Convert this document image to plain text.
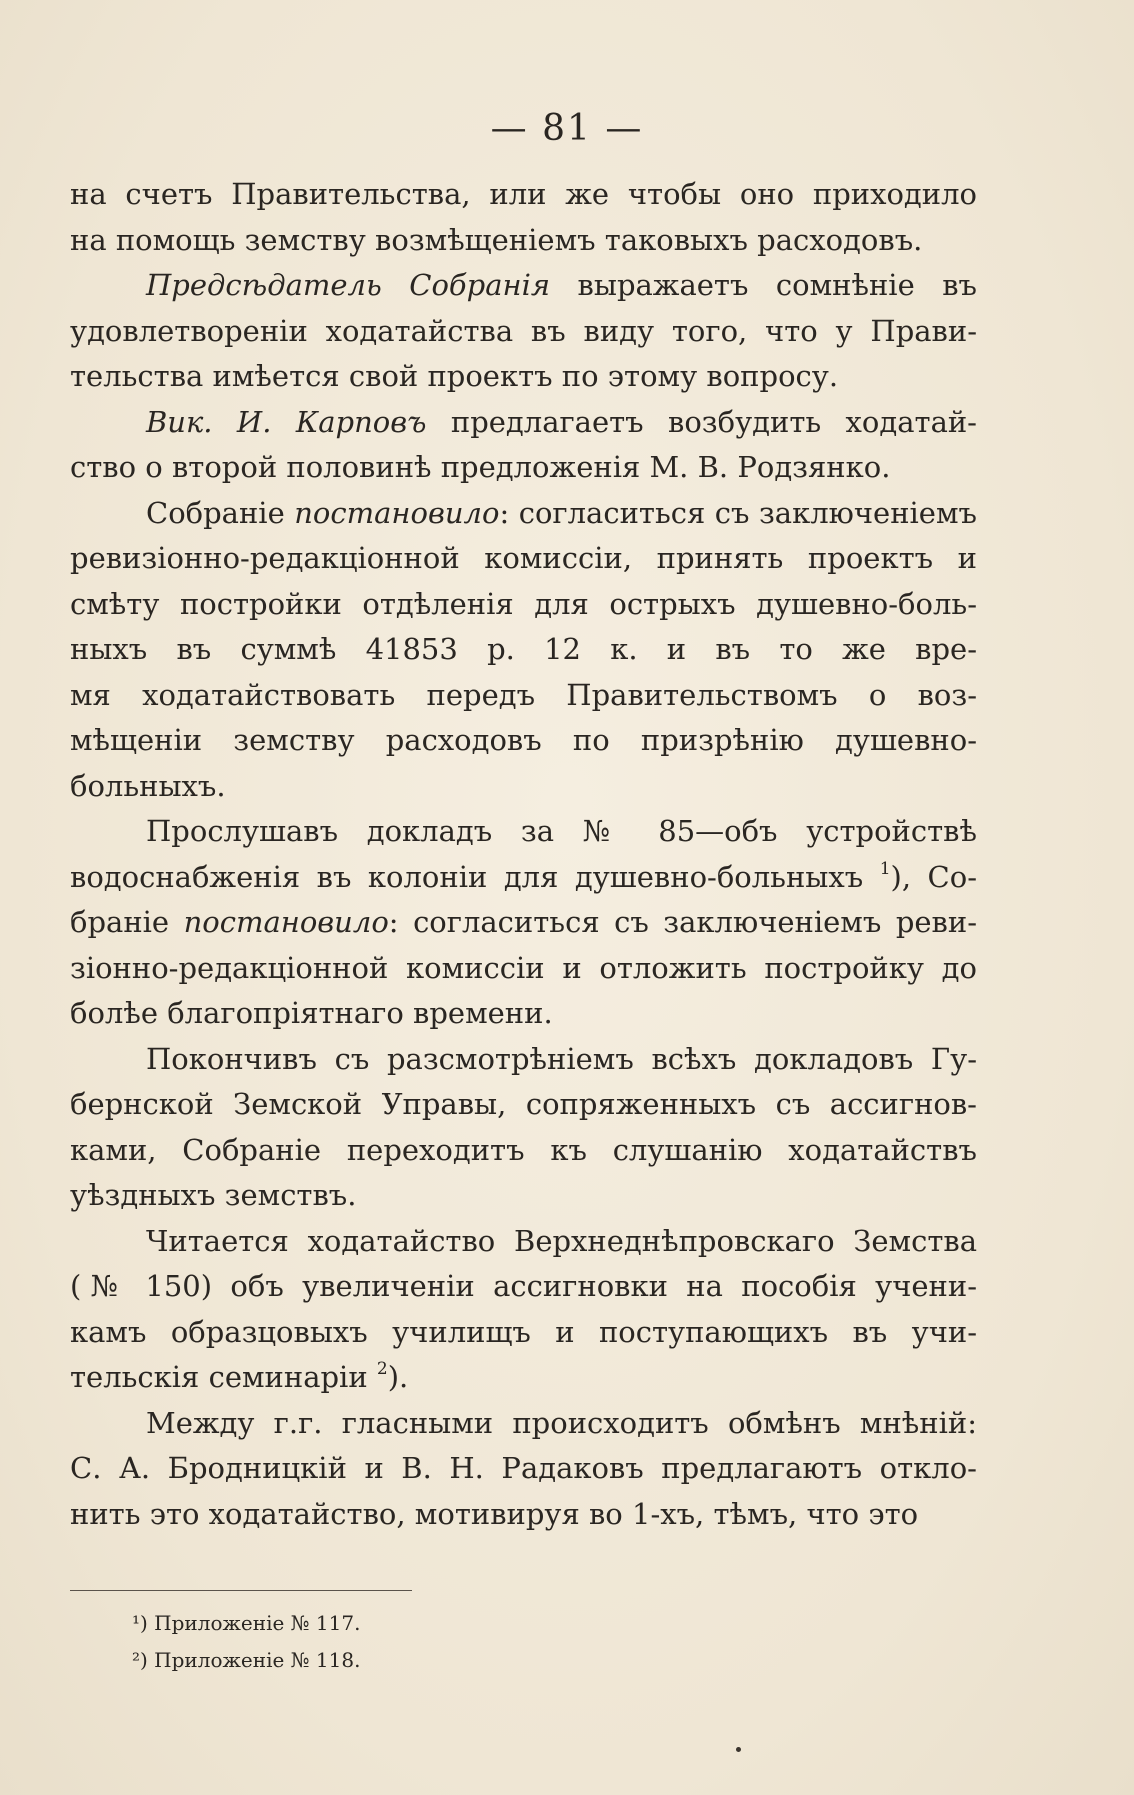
— 81 —

на счетъ Правительства, или же чтобы оно приходило

на помощь земству возмѣщеніемъ таковыхъ расходовъ.

Предсѣдатель Собранія выражаетъ сомнѣніе въ

удовлетвореніи ходатайства въ виду того, что у Прави-

тельства имѣется свой проектъ по этому вопросу.

Вик. И. Карповъ предлагаетъ возбудить ходатай-

ство о второй половинѣ предложенія М. В. Родзянко.

Собраніе постановило: согласиться съ заключеніемъ

ревизіонно-редакціонной комиссіи, принять проектъ и

смѣту постройки отдѣленія для острыхъ душевно-боль-

ныхъ въ суммѣ 41853 р. 12 к. и въ то же вре-

мя ходатайствовать передъ Правительствомъ о воз-

мѣщеніи земству расходовъ по призрѣнію душевно-

больныхъ.

Прослушавъ докладъ за № 85—объ устройствѣ

водоснабженія въ колоніи для душевно-больныхъ $^1$), Со-

браніе постановило: согласиться съ заключеніемъ реви-

зіонно-редакціонной комиссіи и отложить постройку до

болѣе благопріятнаго времени.

Покончивъ съ разсмотрѣніемъ всѣхъ докладовъ Гу-

бернской Земской Управы, сопряженныхъ съ ассигнов-

ками, Собраніе переходитъ къ слушанію ходатайствъ

уѣздныхъ земствъ.

Читается ходатайство Верхнеднѣпровскаго Земства

(№ 150) объ увеличеніи ассигновки на пособія учени-

камъ образцовыхъ училищъ и поступающихъ въ учи-

тельскія семинаріи $^2$).

Между г.г. гласными происходитъ обмѣнъ мнѣній:

С. А. Бродницкій и В. Н. Радаковъ предлагаютъ откло-

нить это ходатайство, мотивируя во 1-хъ, тѣмъ, что это

¹) Приложеніе № 117.
²) Приложеніе № 118.
